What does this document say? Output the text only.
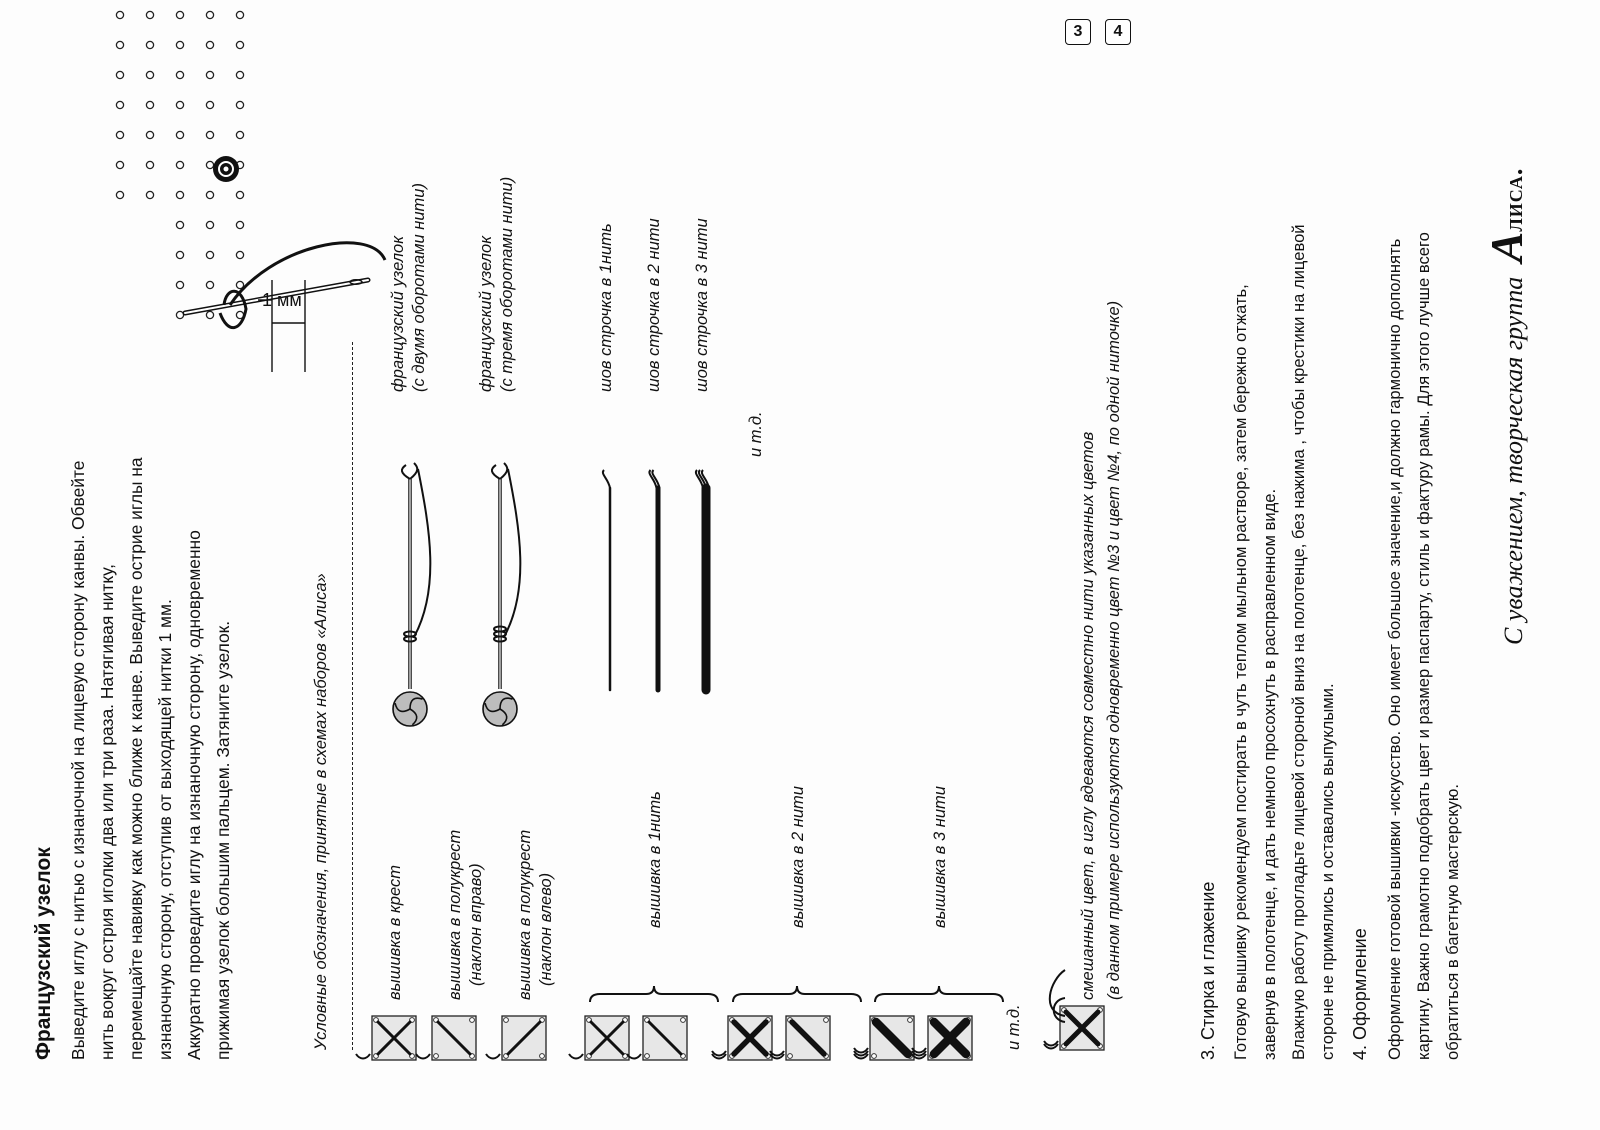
Французский узелок Выведите иглу с нитью с изнаночной на лицевую сторону канвы. Обвейте нить вокруг острия иголки два или три раза. Натягивая нитку, перемещайте навивку как можно ближе к канве. Выведите острие иглы на изнаночную сторону, отступив от выходящей нитки 1 мм. Аккуратно проведите иглу на изнаночную сторону, одновременно прижимая узелок большим пальцем. Затяните узелок.
1 мм
Условные обозначения, принятые в схемах наборов «Алиса»	вышивка в крест	вышивка в полукрест (наклон вправо) вышивка в полукрест (наклон влево)
вышивка в 1нить	вышивка в 2 нити	вышивка в 3 нити
и т.д.
французский узелок (с двумя оборотами нити)	французский узелок (с тремя оборотами нити)	шов строчка в 1нить шов строчка в 2 нити шов строчка в 3 нити
и т.д.
3	4
смешанный цвет, в иглу вдеваются совместно нити указанных цветов (в данном примере используются одновременно цвет №3 и цвет №4, по одной ниточке)	3. Стирка и глажение Готовую вышивку рекомендуем постирать в чуть теплом мыльном растворе, затем бережно отжать, завернув в полотенце, и дать немного просохнуть в расправленном виде. Влажную работу прогладьте лицевой стороной вниз на полотенце, без нажима , чтобы крестики на лицевой стороне не примялись и оставались выпуклыми. 4. Оформление Оформление готовой вышивки -искусство. Оно имеет большое значение,и должно гармонично дополнять картину. Важно грамотно подобрать цвет и размер паспарту, стиль и фактуру рамы. Для этого лучше всего обратиться в багетную мастерскую.
С уважением, творческая группа Алиса.
